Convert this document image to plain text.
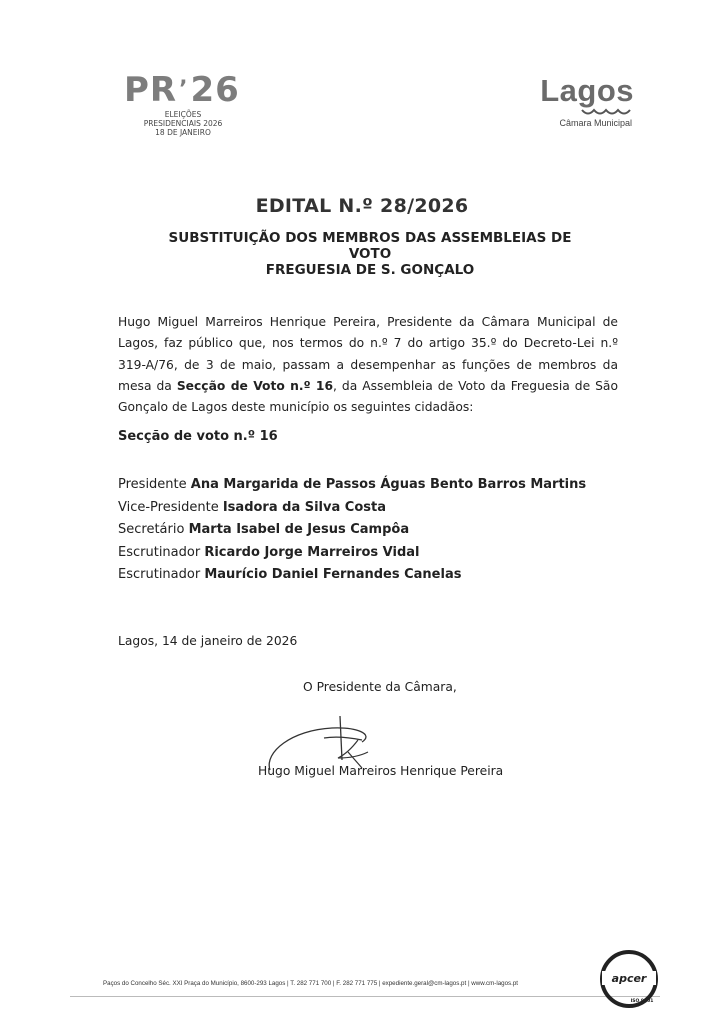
PR’26
ELEIÇÕES
PRESIDENCIAIS 2026
18 DE JANEIRO
Lagos
Câmara Municipal
EDITAL N.º 28/2026
SUBSTITUIÇÃO DOS MEMBROS DAS ASSEMBLEIAS DE
VOTO
FREGUESIA DE S. GONÇALO
Hugo Miguel Marreiros Henrique Pereira, Presidente da Câmara Municipal de Lagos, faz público que, nos termos do n.º 7 do artigo 35.º do Decreto-Lei n.º 319-A/76, de 3 de maio, passam a desempenhar as funções de membros da mesa da Secção de Voto n.º 16, da Assembleia de Voto da Freguesia de São Gonçalo de Lagos deste município os seguintes cidadãos:
Secção de voto n.º 16
Presidente Ana Margarida de Passos Águas Bento Barros Martins
Vice-Presidente Isadora da Silva Costa
Secretário Marta Isabel de Jesus Campôa
Escrutinador Ricardo Jorge Marreiros Vidal
Escrutinador Maurício Daniel Fernandes Canelas
Lagos, 14 de janeiro de 2026
O Presidente da Câmara,
Hugo Miguel Marreiros Henrique Pereira
Paços do Concelho Séc. XXI Praça do Município, 8600-293 Lagos | T. 282 771 700 | F. 282 771 775 | expediente.geral@cm-lagos.pt | www.cm-lagos.pt	apcer
ISO 9001
